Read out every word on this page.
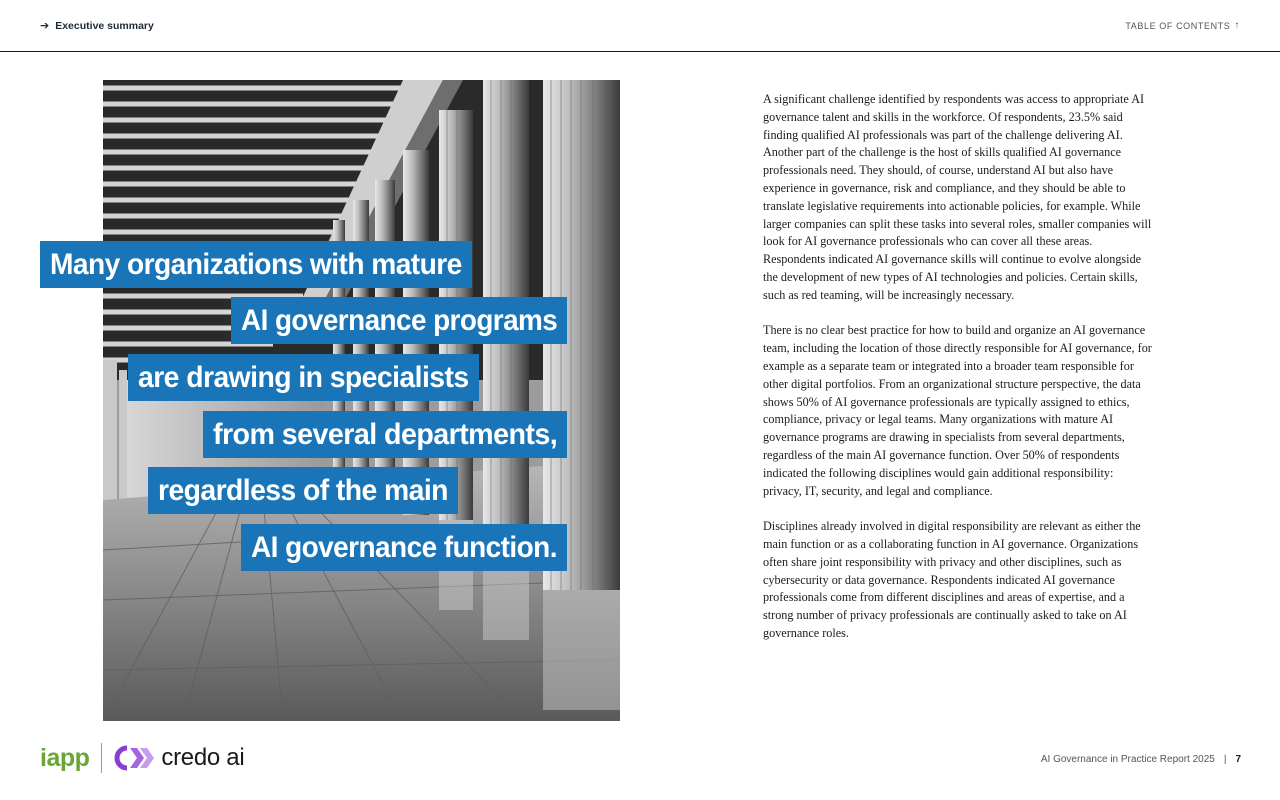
➔ Executive summary	TABLE OF CONTENTS ↑
Many organizations with mature
AI governance programs
are drawing in specialists
from several departments,
regardless of the main
AI governance function.

A significant challenge identified by respondents was access to appropriate AI governance talent and skills in the workforce. Of respondents, 23.5% said finding qualified AI professionals was part of the challenge delivering AI. Another part of the challenge is the host of skills qualified AI governance professionals need. They should, of course, understand AI but also have experience in governance, risk and compliance, and they should be able to translate legislative requirements into actionable policies, for example. While larger companies can split these tasks into several roles, smaller companies will look for AI governance professionals who can cover all these areas. Respondents indicated AI governance skills will continue to evolve alongside the development of new types of AI technologies and policies. Certain skills, such as red teaming, will be increasingly necessary.

There is no clear best practice for how to build and organize an AI governance team, including the location of those directly responsible for AI governance, for example as a separate team or integrated into a broader team responsible for other digital portfolios. From an organizational structure perspective, the data shows 50% of AI governance professionals are typically assigned to ethics, compliance, privacy or legal teams. Many organizations with mature AI governance programs are drawing in specialists from several departments, regardless of the main AI governance function. Over 50% of respondents indicated the following disciplines would gain additional responsibility: privacy, IT, security, and legal and compliance.

Disciplines already involved in digital responsibility are relevant as either the main function or as a collaborating function in AI governance. Organizations often share joint responsibility with privacy and other disciplines, such as cybersecurity or data governance. Respondents indicated AI governance professionals come from different disciplines and areas of expertise, and a strong number of privacy professionals are continually asked to take on AI governance roles.

iapp	credo ai	AI Governance in Practice Report 2025 | 7
